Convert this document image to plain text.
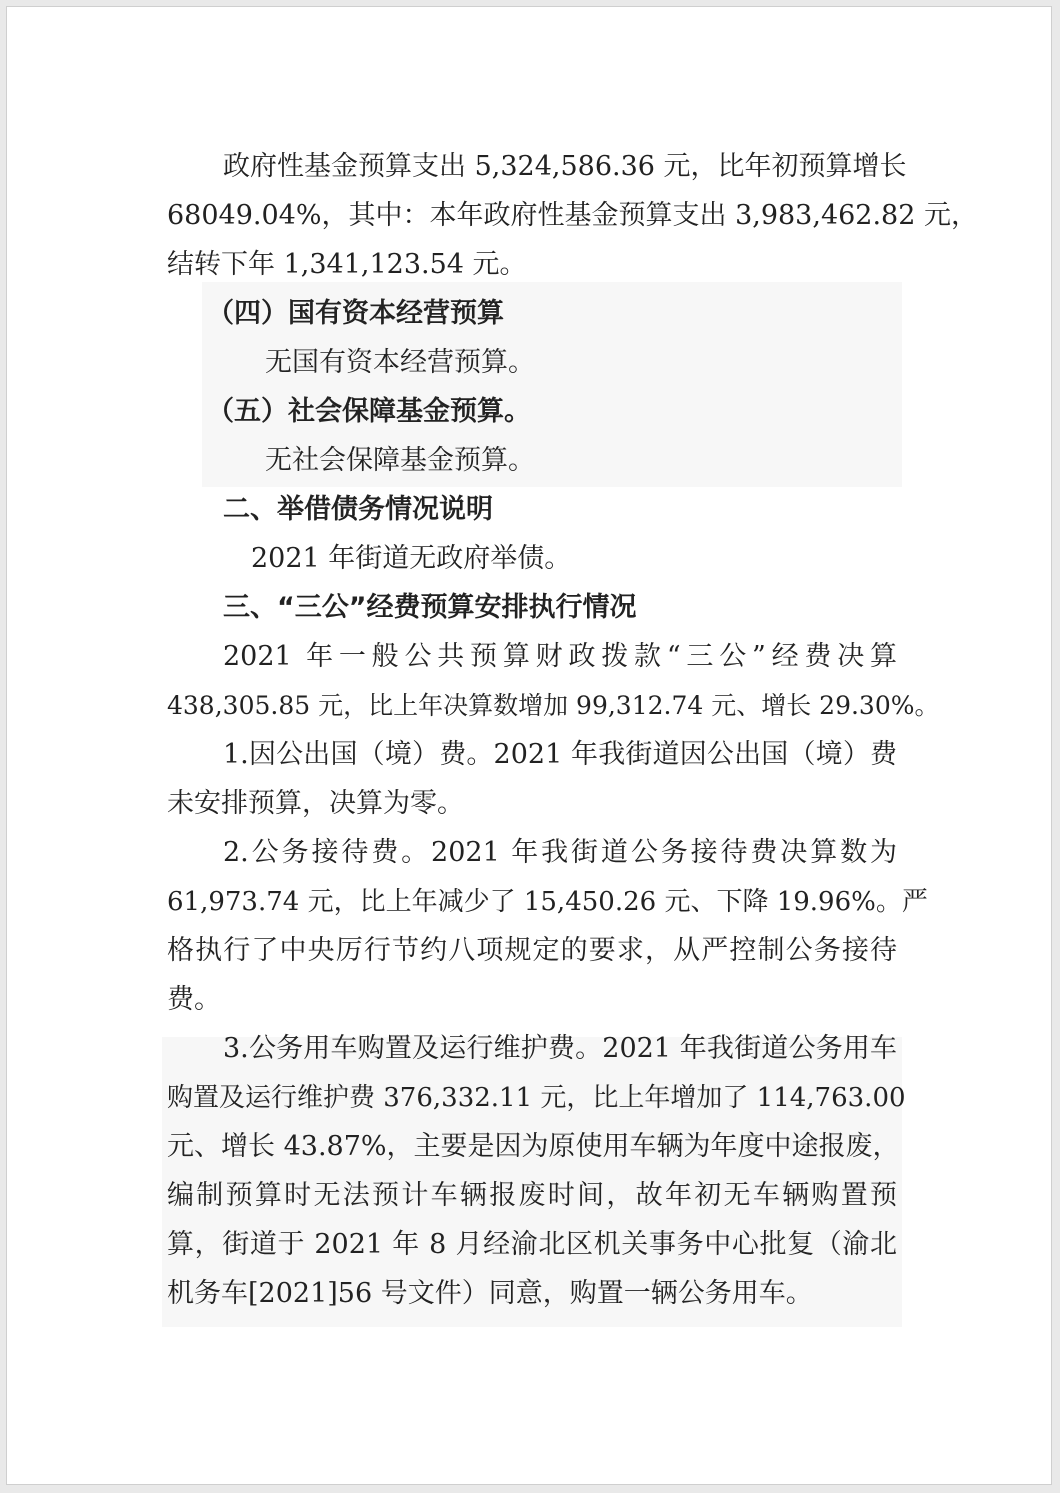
政府性基金预算支出 5,324,586.36 元，比年初预算增长
68049.04%，其中：本年政府性基金预算支出 3,983,462.82 元，
结转下年 1,341,123.54 元。
（四）国有资本经营预算
无国有资本经营预算。
（五）社会保障基金预算。
无社会保障基金预算。
二、举借债务情况说明
2021 年街道无政府举债。
三、“三公”经费预算安排执行情况
2021 年一般公共预算财政拨款“三公”经费决算
438,305.85 元，比上年决算数增加 99,312.74 元、增长 29.30%。
1.因公出国（境）费。2021 年我街道因公出国（境）费
未安排预算，决算为零。
2.公务接待费。2021 年我街道公务接待费决算数为
61,973.74 元，比上年减少了 15,450.26 元、下降 19.96%。严
格执行了中央厉行节约八项规定的要求，从严控制公务接待
费。
3.公务用车购置及运行维护费。2021 年我街道公务用车
购置及运行维护费 376,332.11 元，比上年增加了 114,763.00
元、增长 43.87%，主要是因为原使用车辆为年度中途报废，
编制预算时无法预计车辆报废时间，故年初无车辆购置预
算，街道于 2021 年 8 月经渝北区机关事务中心批复（渝北
机务车[2021]56 号文件）同意，购置一辆公务用车。
